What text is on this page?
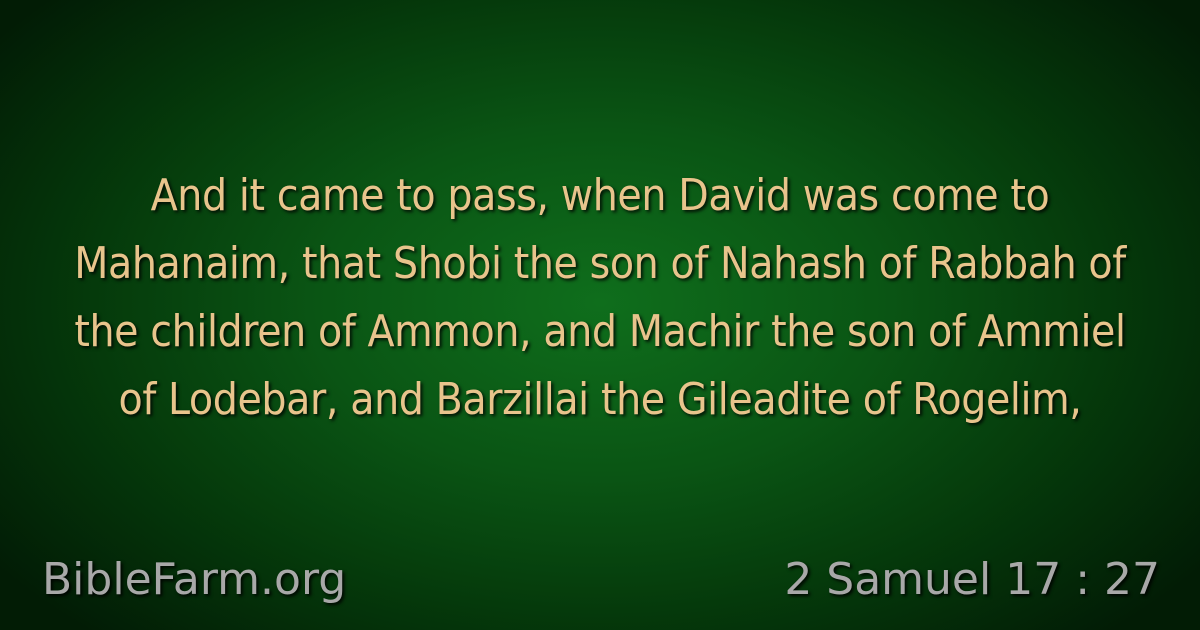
And it came to pass, when David was come to
Mahanaim, that Shobi the son of Nahash of Rabbah of
the children of Ammon, and Machir the son of Ammiel
of Lodebar, and Barzillai the Gileadite of Rogelim,

BibleFarm.org	2 Samuel 17 : 27
